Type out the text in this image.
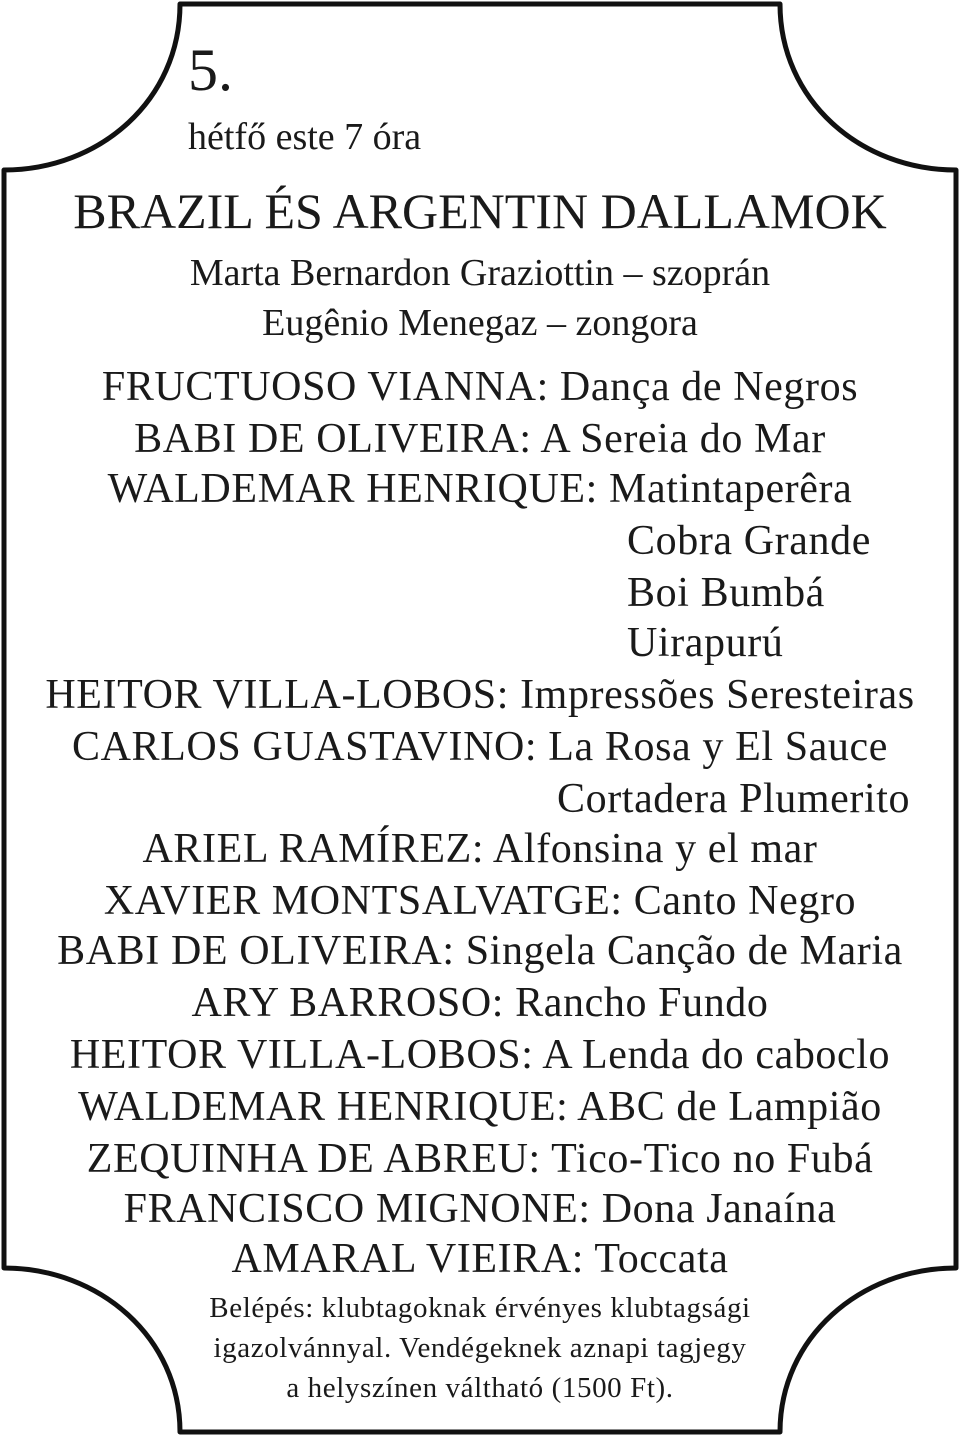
5.
hétfő este 7 óra
BRAZIL ÉS ARGENTIN DALLAMOK
Marta Bernardon Graziottin – szoprán
Eugênio Menegaz – zongora
FRUCTUOSO VIANNA: Dança de Negros
BABI DE OLIVEIRA: A Sereia do Mar
WALDEMAR HENRIQUE: Matintaperêra
Cobra Grande
Boi Bumbá
Uirapurú
HEITOR VILLA-LOBOS: Impressões Seresteiras
CARLOS GUASTAVINO: La Rosa y El Sauce
Cortadera Plumerito
ARIEL RAMÍREZ: Alfonsina y el mar
XAVIER MONTSALVATGE: Canto Negro
BABI DE OLIVEIRA: Singela Canção de Maria
ARY BARROSO: Rancho Fundo
HEITOR VILLA-LOBOS: A Lenda do caboclo
WALDEMAR HENRIQUE: ABC de Lampião
ZEQUINHA DE ABREU: Tico-Tico no Fubá
FRANCISCO MIGNONE: Dona Janaína
AMARAL VIEIRA: Toccata
Belépés: klubtagoknak érvényes klubtagsági
igazolvánnyal. Vendégeknek aznapi tagjegy
a helyszínen váltható (1500 Ft).
